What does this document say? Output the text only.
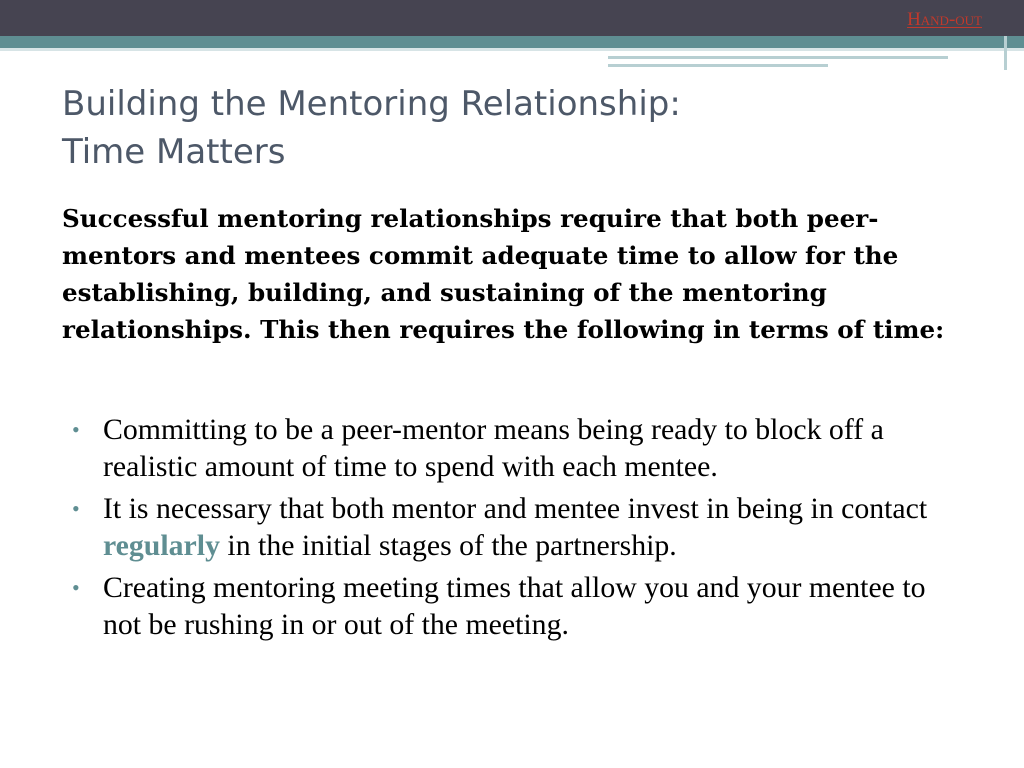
Hand-out
Building the Mentoring Relationship:
Time Matters

Successful mentoring relationships require that both peer-mentors and mentees commit adequate time to allow for the establishing, building, and sustaining of the mentoring relationships. This then requires the following in terms of time:

• Committing to be a peer-mentor means being ready to block off a realistic amount of time to spend with each mentee.
• It is necessary that both mentor and mentee invest in being in contact regularly in the initial stages of the partnership.
• Creating mentoring meeting times that allow you and your mentee to not be rushing in or out of the meeting.
